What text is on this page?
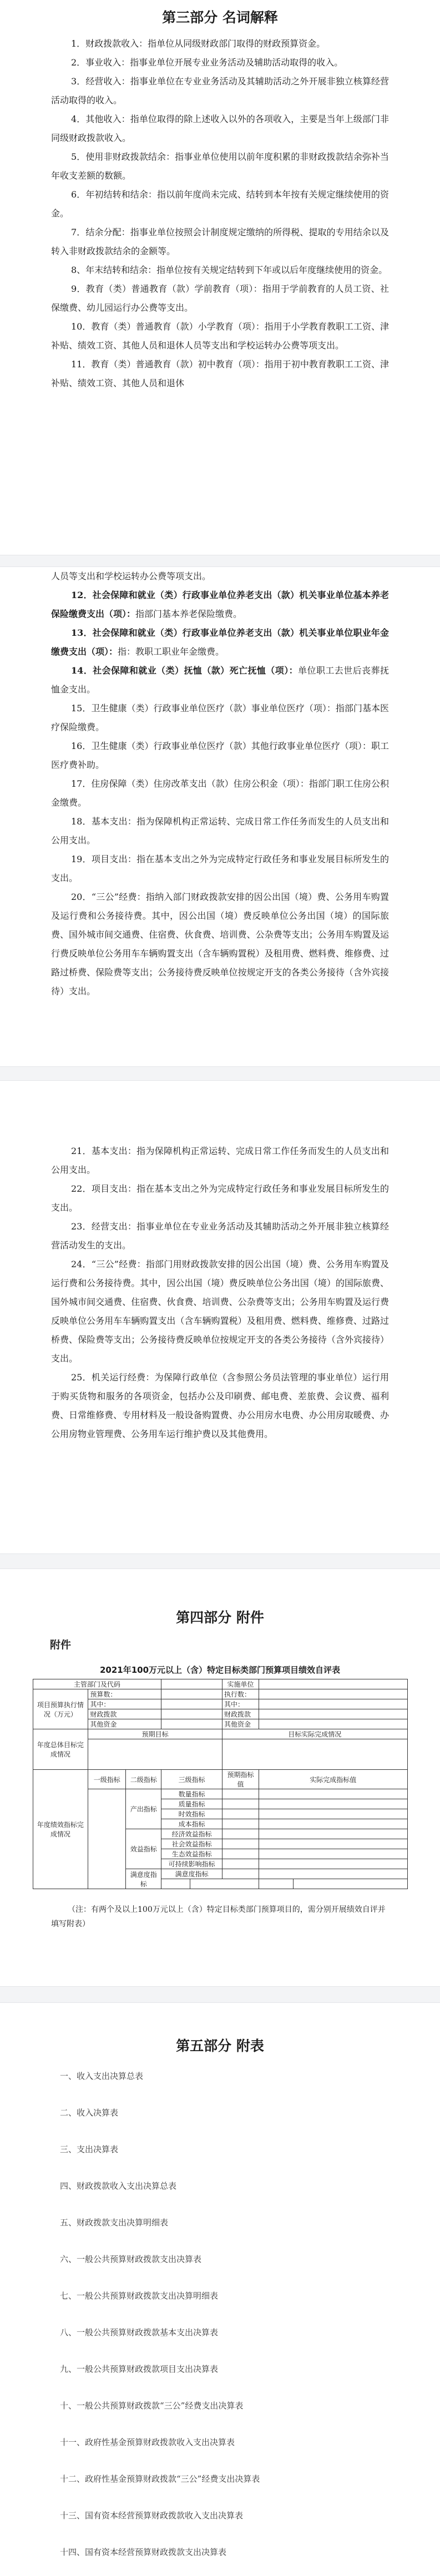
第三部分 名词解释

1．财政拨款收入：指单位从同级财政部门取得的财政预算资金。

2．事业收入：指事业单位开展专业业务活动及辅助活动取得的收入。

3．经营收入：指事业单位在专业业务活动及其辅助活动之外开展非独立核算经营活动取得的收入。

4．其他收入：指单位取得的除上述收入以外的各项收入，主要是当年上级部门非同级财政拨款收入。

5．使用非财政拨款结余：指事业单位使用以前年度积累的非财政拨款结余弥补当年收支差额的数额。

6．年初结转和结余：指以前年度尚未完成、结转到本年按有关规定继续使用的资金。

7．结余分配：指事业单位按照会计制度规定缴纳的所得税、提取的专用结余以及转入非财政拨款结余的金额等。

8、年末结转和结余：指单位按有关规定结转到下年或以后年度继续使用的资金。

9．教育（类）普通教育（款）学前教育（项）：指用于学前教育的人员工资、社保缴费、幼儿园运行办公费等支出。

10．教育（类）普通教育（款）小学教育（项）：指用于小学教育教职工工资、津补贴、绩效工资、其他人员和退休人员等支出和学校运转办公费等项支出。

11．教育（类）普通教育（款）初中教育（项）：指用于初中教育教职工工资、津补贴、绩效工资、其他人员和退休

人员等支出和学校运转办公费等项支出。

12．社会保障和就业（类）行政事业单位养老支出（款）机关事业单位基本养老保险缴费支出（项）：指部门基本养老保险缴费。

13．社会保障和就业（类）行政事业单位养老支出（款）机关事业单位职业年金缴费支出（项）：指：教职工职业年金缴费。

14．社会保障和就业（类）抚恤（款）死亡抚恤（项）：单位职工去世后丧葬抚恤金支出。

15．卫生健康（类）行政事业单位医疗（款）事业单位医疗（项）：指部门基本医疗保险缴费。

16．卫生健康（类）行政事业单位医疗（款）其他行政事业单位医疗（项）：职工医疗费补助。

17．住房保障（类）住房改革支出（款）住房公积金（项）：指部门职工住房公积金缴费。

18．基本支出：指为保障机构正常运转、完成日常工作任务而发生的人员支出和公用支出。

19．项目支出：指在基本支出之外为完成特定行政任务和事业发展目标所发生的支出。

20．“三公”经费：指纳入部门财政拨款安排的因公出国（境）费、公务用车购置及运行费和公务接待费。其中，因公出国（境）费反映单位公务出国（境）的国际旅费、国外城市间交通费、住宿费、伙食费、培训费、公杂费等支出；公务用车购置及运行费反映单位公务用车车辆购置支出（含车辆购置税）及租用费、燃料费、维修费、过路过桥费、保险费等支出；公务接待费反映单位按规定开支的各类公务接待（含外宾接待）支出。

21．基本支出：指为保障机构正常运转、完成日常工作任务而发生的人员支出和公用支出。

22．项目支出：指在基本支出之外为完成特定行政任务和事业发展目标所发生的支出。

23．经营支出：指事业单位在专业业务活动及其辅助活动之外开展非独立核算经营活动发生的支出。

24．“三公”经费：指部门用财政拨款安排的因公出国（境）费、公务用车购置及运行费和公务接待费。其中，因公出国（境）费反映单位公务出国（境）的国际旅费、国外城市间交通费、住宿费、伙食费、培训费、公杂费等支出；公务用车购置及运行费反映单位公务用车车辆购置支出（含车辆购置税）及租用费、燃料费、维修费、过路过桥费、保险费等支出；公务接待费反映单位按规定开支的各类公务接待（含外宾接待）支出。

25．机关运行经费：为保障行政单位（含参照公务员法管理的事业单位）运行用于购买货物和服务的各项资金，包括办公及印刷费、邮电费、差旅费、会议费、福利费、日常维修费、专用材料及一般设备购置费、办公用房水电费、办公用房取暖费、办公用房物业管理费、公务用车运行维护费以及其他费用。

第四部分 附件
附件
2021年100万元以上（含）特定目标类部门预算项目绩效自评表
主管部门及代码					实施单位		
项目预算执行情况（万元）	预算数：				执行数：		
	其中：				其中：		
	财政拨款				财政拨款		
	其他资金				其他资金		
年度总体目标完成情况	预期目标				目标实际完成情况		

年度绩效指标完成情况	一级指标	二级指标	三级指标		预期指标值	实际完成指标值	
		产出指标	数量指标				
			质量指标				
			时效指标				
			成本指标				
		效益指标	经济效益指标				
			社会效益指标				
			生态效益指标				
			可持续影响指标				
		满意度指标	满意度指标				

（注：有两个及以上100万元以上（含）特定目标类部门预算项目的，需分别开展绩效自评并填写附表）

第五部分 附表
一、收入支出决算总表
二、收入决算表
三、支出决算表
四、财政拨款收入支出决算总表
五、财政拨款支出决算明细表
六、一般公共预算财政拨款支出决算表
七、一般公共预算财政拨款支出决算明细表
八、一般公共预算财政拨款基本支出决算表
九、一般公共预算财政拨款项目支出决算表
十、一般公共预算财政拨款“三公”经费支出决算表
十一、政府性基金预算财政拨款收入支出决算表
十二、政府性基金预算财政拨款“三公”经费支出决算表
十三、国有资本经营预算财政拨款收入支出决算表
十四、国有资本经营预算财政拨款支出决算表
